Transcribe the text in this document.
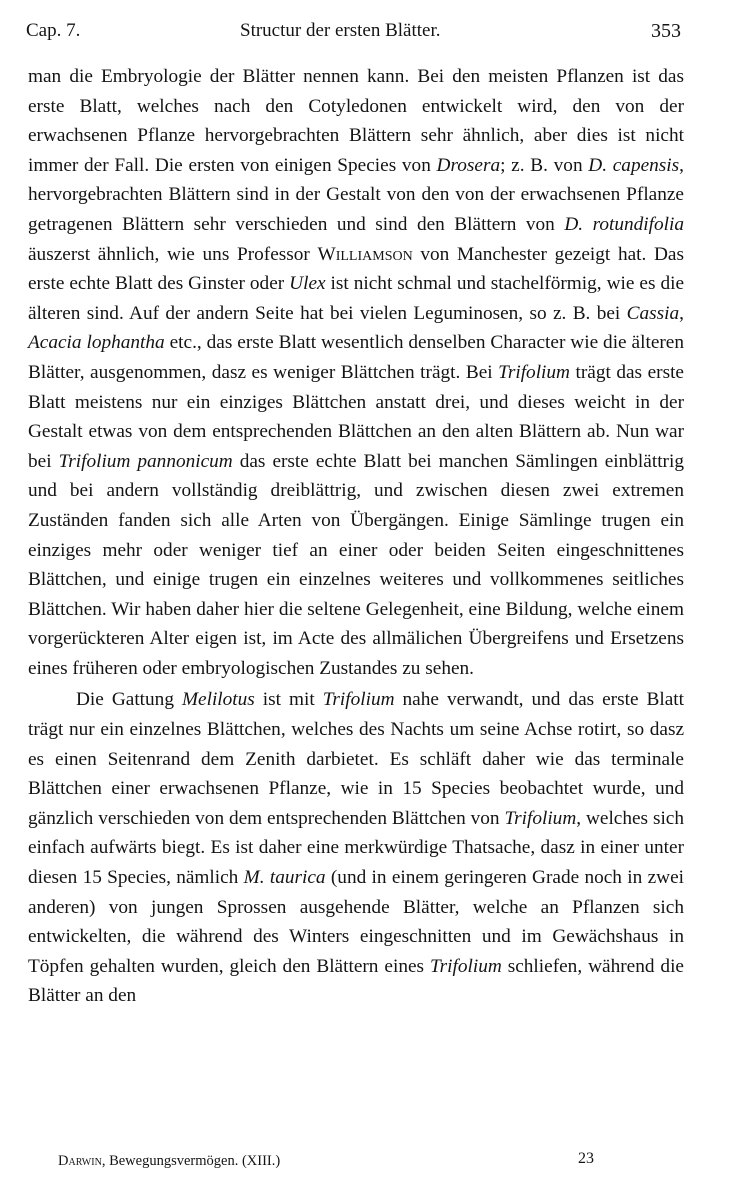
Cap. 7.	Structur der ersten Blätter.	353

man die Embryologie der Blätter nennen kann. Bei den meisten Pflanzen ist das erste Blatt, welches nach den Cotyledonen entwickelt wird, den von der erwachsenen Pflanze hervorgebrachten Blättern sehr ähnlich, aber dies ist nicht immer der Fall. Die ersten von einigen Species von Drosera; z. B. von D. capensis, hervorgebrachten Blättern sind in der Gestalt von den von der erwachsenen Pflanze getragenen Blättern sehr verschieden und sind den Blättern von D. rotundifolia äuszerst ähnlich, wie uns Professor Williamson von Manchester gezeigt hat. Das erste echte Blatt des Ginster oder Ulex ist nicht schmal und stachelförmig, wie es die älteren sind. Auf der andern Seite hat bei vielen Leguminosen, so z. B. bei Cassia, Acacia lophantha etc., das erste Blatt wesentlich denselben Character wie die älteren Blätter, ausgenommen, dasz es weniger Blättchen trägt. Bei Trifolium trägt das erste Blatt meistens nur ein einziges Blättchen anstatt drei, und dieses weicht in der Gestalt etwas von dem entsprechenden Blättchen an den alten Blättern ab. Nun war bei Trifolium pannonicum das erste echte Blatt bei manchen Sämlingen einblättrig und bei andern vollständig dreiblättrig, und zwischen diesen zwei extremen Zuständen fanden sich alle Arten von Übergängen. Einige Sämlinge trugen ein einziges mehr oder weniger tief an einer oder beiden Seiten eingeschnittenes Blättchen, und einige trugen ein einzelnes weiteres und vollkommenes seitliches Blättchen. Wir haben daher hier die seltene Gelegenheit, eine Bildung, welche einem vorgerückteren Alter eigen ist, im Acte des allmälichen Übergreifens und Ersetzens eines früheren oder embryologischen Zustandes zu sehen.

Die Gattung Melilotus ist mit Trifolium nahe verwandt, und das erste Blatt trägt nur ein einzelnes Blättchen, welches des Nachts um seine Achse rotirt, so dasz es einen Seitenrand dem Zenith darbietet. Es schläft daher wie das terminale Blättchen einer erwachsenen Pflanze, wie in 15 Species beobachtet wurde, und gänzlich verschieden von dem entsprechenden Blättchen von Trifolium, welches sich einfach aufwärts biegt. Es ist daher eine merkwürdige Thatsache, dasz in einer unter diesen 15 Species, nämlich M. taurica (und in einem geringeren Grade noch in zwei anderen) von jungen Sprossen ausgehende Blätter, welche an Pflanzen sich entwickelten, die während des Winters eingeschnitten und im Gewächshaus in Töpfen gehalten wurden, gleich den Blättern eines Trifolium schliefen, während die Blätter an den

Darwin, Bewegungsvermögen. (XIII.)	23
